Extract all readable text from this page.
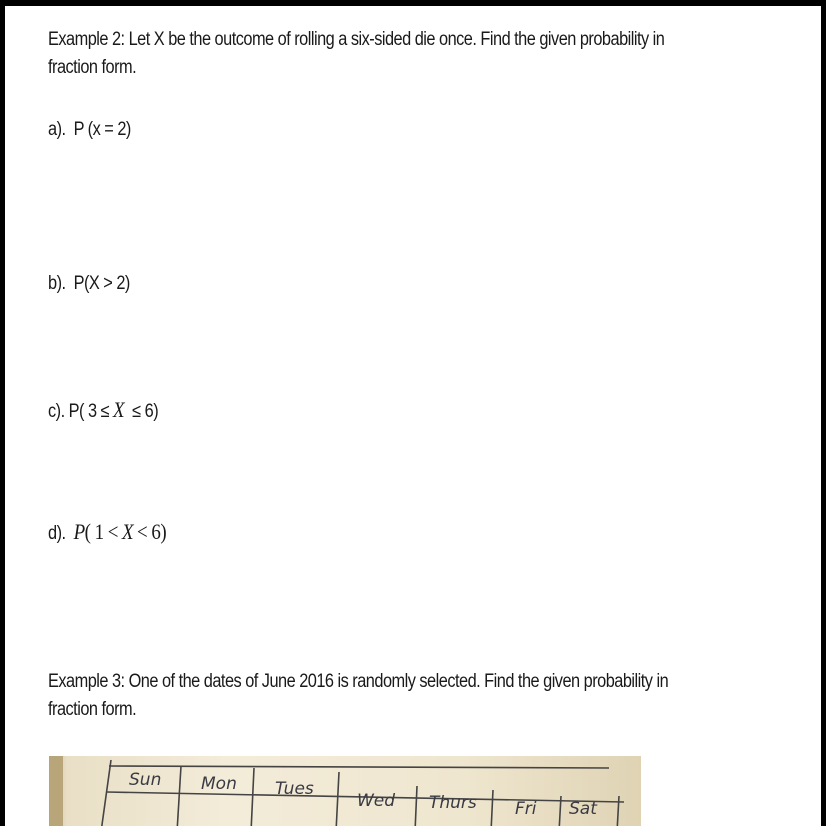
Example 2: Let X be the outcome of rolling a six-sided die once. Find the given probability in
fraction form.
a). P (x = 2)
b). P(X > 2)
c). P( 3 ≤ X ≤ 6)
d). P( 1 < X < 6)
Example 3: One of the dates of June 2016 is randomly selected. Find the given probability in
fraction form.
Sun Mon Tues
Wed Thurs Fri Sat
